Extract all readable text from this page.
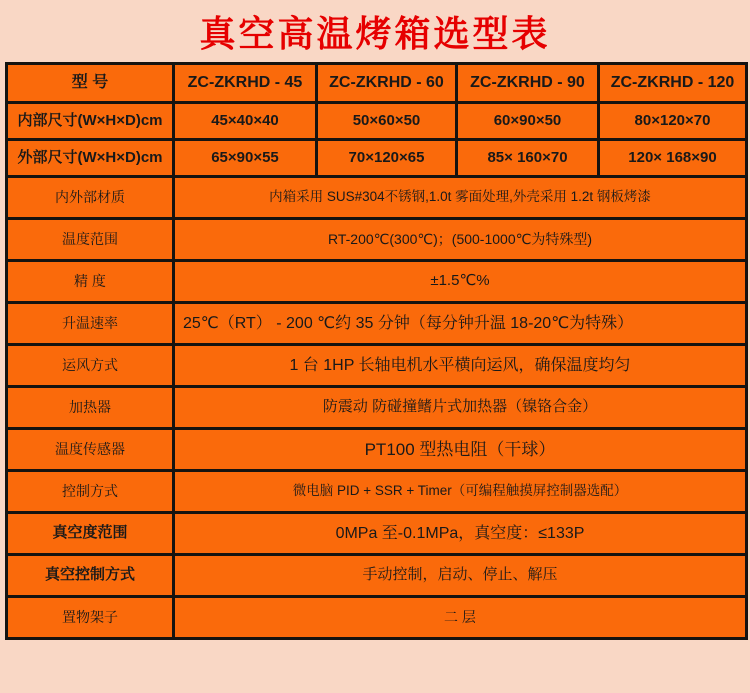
真空高温烤箱选型表
型 号	ZC-ZKRHD - 45	ZC-ZKRHD - 60	ZC-ZKRHD - 90	ZC-ZKRHD - 120
内部尺寸(W×H×D)cm	45×40×40	50×60×50	60×90×50	80×120×70
外部尺寸(W×H×D)cm	65×90×55	70×120×65	85× 160×70	120× 168×90
内外部材质	内箱采用 SUS#304不锈钢,1.0t 雾面处理,外壳采用 1.2t 钢板烤漆			
温度范围	RT-200℃(300℃)；(500-1000℃为特殊型)			
精 度	±1.5℃%			
升温速率	25℃（RT） - 200 ℃约 35 分钟（每分钟升温 18-20℃为特殊）			
运风方式	1 台 1HP 长轴电机水平横向运风，确保温度均匀			
加热器	防震动 防碰撞鳍片式加热器（镍铬合金）			
温度传感器	PT100 型热电阻（干球）			
控制方式	微电脑 PID + SSR + Timer（可编程触摸屏控制器选配）			
真空度范围	0MPa 至-0.1MPa，真空度：≤133P			
真空控制方式	手动控制，启动、停止、解压			
置物架子	二 层			
